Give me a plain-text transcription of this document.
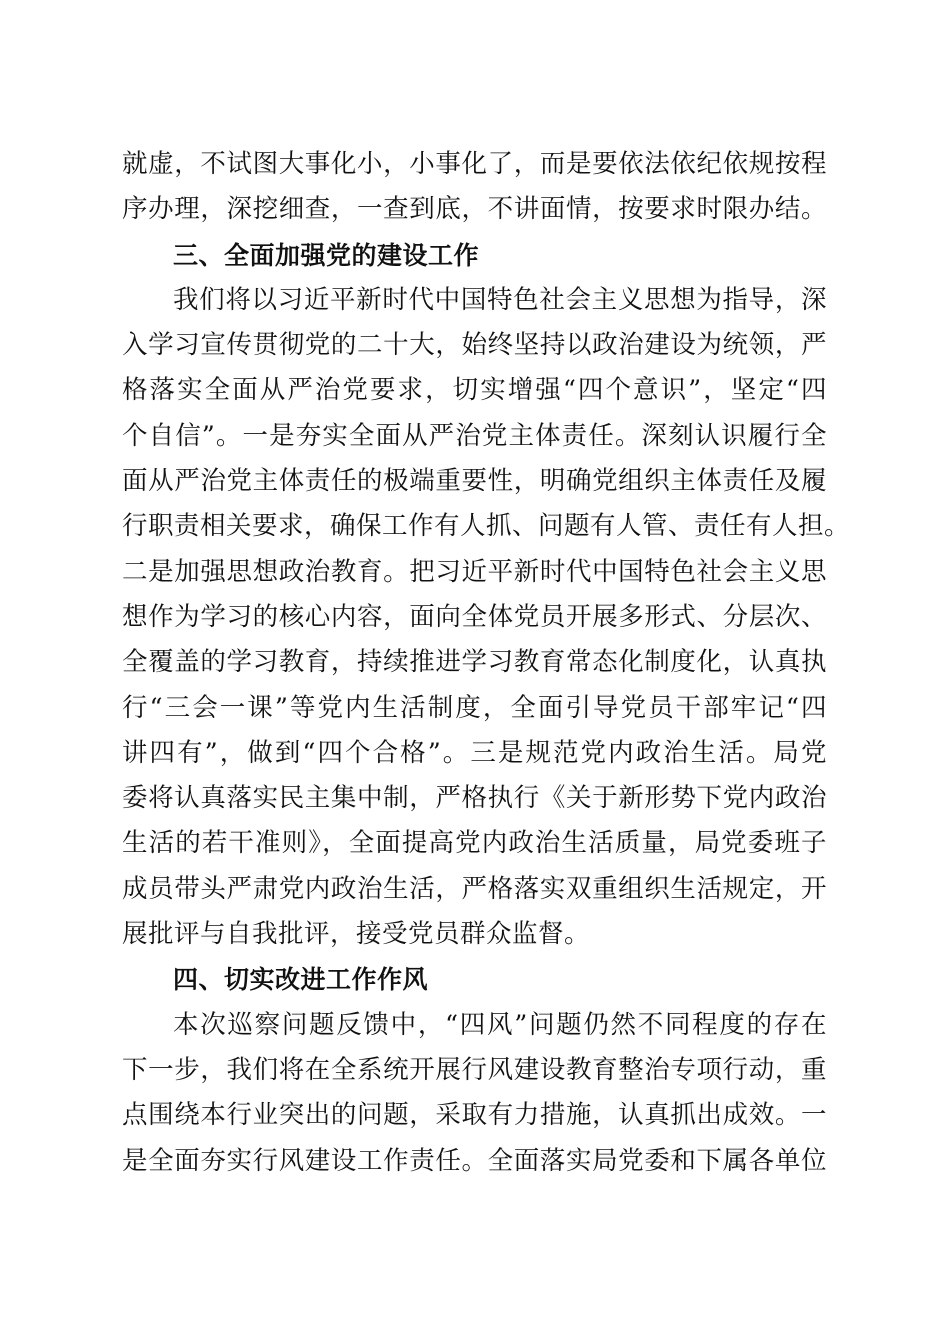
就虚，不试图大事化小，小事化了，而是要依法依纪依规按程
序办理，深挖细查，一查到底，不讲面情，按要求时限办结。
三、全面加强党的建设工作
我们将以习近平新时代中国特色社会主义思想为指导，深
入学习宣传贯彻党的二十大，始终坚持以政治建设为统领，严
格落实全面从严治党要求，切实增强“四个意识”，坚定“四
个自信”。一是夯实全面从严治党主体责任。深刻认识履行全
面从严治党主体责任的极端重要性，明确党组织主体责任及履
行职责相关要求，确保工作有人抓、问题有人管、责任有人担。
二是加强思想政治教育。把习近平新时代中国特色社会主义思
想作为学习的核心内容，面向全体党员开展多形式、分层次、
全覆盖的学习教育，持续推进学习教育常态化制度化，认真执
行“三会一课”等党内生活制度，全面引导党员干部牢记“四
讲四有”，做到“四个合格”。三是规范党内政治生活。局党
委将认真落实民主集中制，严格执行《关于新形势下党内政治
生活的若干准则》，全面提高党内政治生活质量，局党委班子
成员带头严肃党内政治生活，严格落实双重组织生活规定，开
展批评与自我批评，接受党员群众监督。
四、切实改进工作作风
本次巡察问题反馈中，“四风”问题仍然不同程度的存在
下一步，我们将在全系统开展行风建设教育整治专项行动，重
点围绕本行业突出的问题，采取有力措施，认真抓出成效。一
是全面夯实行风建设工作责任。全面落实局党委和下属各单位
